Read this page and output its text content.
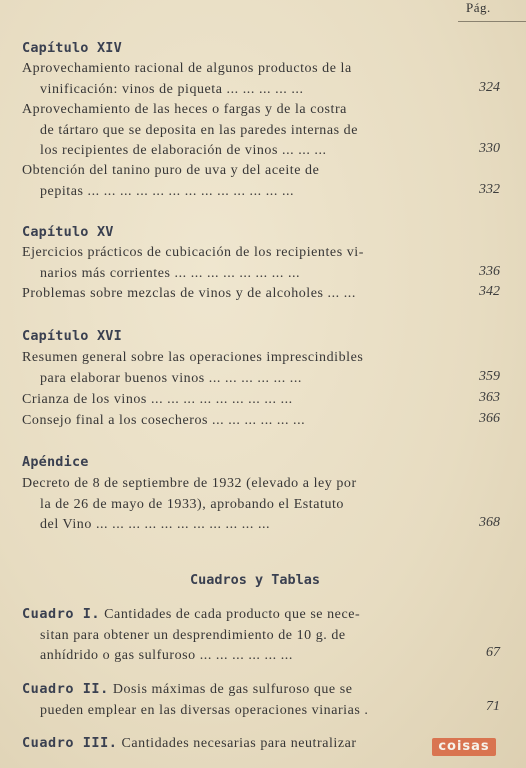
Pág.
Capítulo XIV
Aprovechamiento racional de algunos productos de la
vinificación: vinos de piqueta ... ... ... ... ...	324
Aprovechamiento de las heces o fargas y de la costra
de tártaro que se deposita en las paredes internas de
los recipientes de elaboración de vinos ... ... ...	330
Obtención del tanino puro de uva y del aceite de
pepitas ... ... ... ... ... ... ... ... ... ... ... ... ...	332
Capítulo XV
Ejercicios prácticos de cubicación de los recipientes vi-
narios más corrientes ... ... ... ... ... ... ... ...	336
Problemas sobre mezclas de vinos y de alcoholes ... ...	342
Capítulo XVI
Resumen general sobre las operaciones imprescindibles
para elaborar buenos vinos ... ... ... ... ... ...	359
Crianza de los vinos ... ... ... ... ... ... ... ... ...	363
Consejo final a los cosecheros ... ... ... ... ... ...	366
Apéndice
Decreto de 8 de septiembre de 1932 (elevado a ley por
la de 26 de mayo de 1933), aprobando el Estatuto
del Vino ... ... ... ... ... ... ... ... ... ... ...	368
Cuadros y Tablas
Cuadro I. Cantidades de cada producto que se nece-
sitan para obtener un desprendimiento de 10 g. de
anhídrido o gas sulfuroso ... ... ... ... ... ...	67
Cuadro II. Dosis máximas de gas sulfuroso que se
pueden emplear en las diversas operaciones vinarias .	71
Cuadro III. Cantidades necesarias para neutralizar	coisas
